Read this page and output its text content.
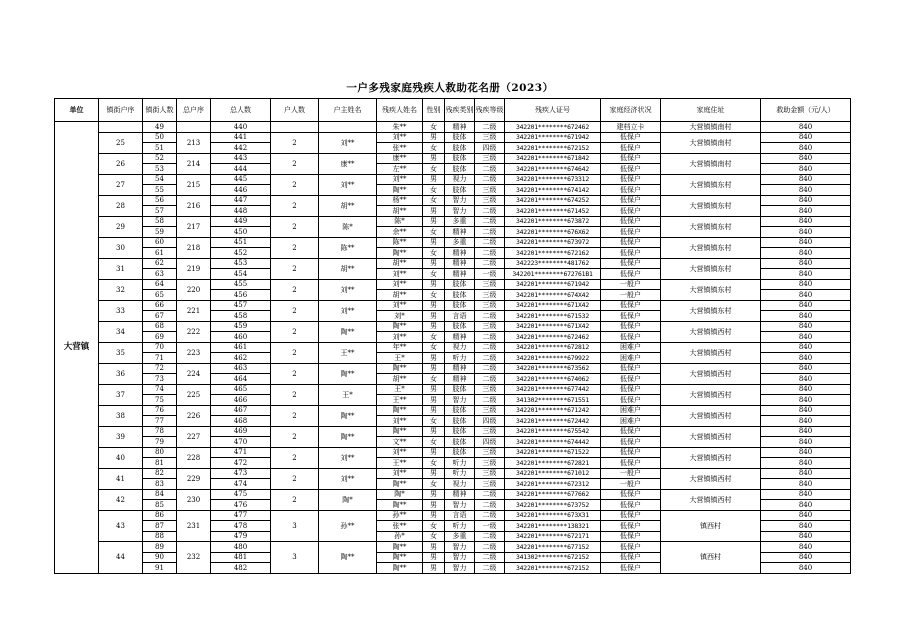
一户多残家庭残疾人救助花名册（2023）
单位	镇街户序	镇街人数	总户序	总人数	户人数	户主姓名	残疾人姓名	性别	残疾类别	残疾等级	残疾人证号	家庭经济状况	家庭住址	救助金额（元/人）
大营镇		49		440			朱**	女	精神	二级	342201********672462	建档立卡	大营镇镇南村	840
	25	50	213	441	2	刘**	刘**	男	肢体	三级	342201********671942	低保户	大营镇镇南村	840
		51		442			张**	女	肢体	四级	342201********672152	低保户		840
	26	52	214	443	2	康**	康**	男	肢体	三级	342201********671842	低保户	大营镇镇南村	840
		53		444			左**	女	肢体	二级	342201********674642	低保户		840
	27	54	215	445	2	刘**	刘**	男	视力	二级	342201********673312	低保户	大营镇镇东村	840
		55		446			陶**	女	肢体	三级	342201********674142	低保户		840
	28	56	216	447	2	胡**	杨**	女	智力	三级	342201********674252	低保户	大营镇镇东村	840
		57		448			胡**	男	智力	二级	342201********671452	低保户		840
	29	58	217	449	2	陈*	陈*	男	多重	二级	342201********673872	低保户	大营镇镇东村	840
		59		450			余**	女	精神	二级	342201********676X62	低保户		840
	30	60	218	451	2	陈**	陈**	男	多重	二级	342201********673972	低保户	大营镇镇东村	840
		61		452			陶**	女	精神	二级	342201********672162	低保户		840
	31	62	219	453	2	胡**	胡**	男	精神	二级	342223********481762	低保户	大营镇镇东村	840
		63		454			刘**	女	精神	一级	342201********672761B1	低保户		840
	32	64	220	455	2	刘**	刘**	男	肢体	三级	342201********671942	一般户	大营镇镇东村	840
		65		456			胡**	女	肢体	三级	342201********674X42	一般户		840
	33	66	221	457	2	刘**	刘**	男	肢体	三级	342201********671X42	低保户	大营镇镇东村	840
		67		458			刘*	男	言语	二级	342201********671532	低保户		840
	34	68	222	459	2	陶**	陶**	男	肢体	三级	342201********671X42	低保户	大营镇镇西村	840
		69		460			刘**	女	精神	二级	342201********672462	低保户		840
	35	70	223	461	2	王**	年**	女	视力	二级	342201********672812	困难户	大营镇镇西村	840
		71		462			王*	男	听力	二级	342201********679922	困难户		840
	36	72	224	463	2	陶**	陶**	男	精神	二级	342201********673562	低保户	大营镇镇西村	840
		73		464			胡**	女	精神	二级	342201********674062	低保户		840
	37	74	225	465	2	王*	王*	男	肢体	三级	342201********677442	低保户	大营镇镇西村	840
		75		466			王**	男	智力	二级	341302********671551	低保户		840
	38	76	226	467	2	陶**	陶**	男	肢体	三级	342201********671242	困难户	大营镇镇西村	840
		77		468			刘**	女	肢体	四级	342201********672442	困难户		840
	39	78	227	469	2	陶**	陶**	男	肢体	三级	342201********675542	低保户	大营镇镇西村	840
		79		470			文**	女	肢体	四级	342201********674442	低保户		840
	40	80	228	471	2	刘**	刘**	男	肢体	三级	342201********671522	低保户	大营镇镇西村	840
		81		472			王**	女	听力	三级	342201********672821	低保户		840
	41	82	229	473	2	刘**	刘**	男	听力	三级	342201********671012	一般户	大营镇镇西村	840
		83		474			陶**	女	视力	三级	342201********672312	一般户		840
	42	84	230	475	2	陶*	陶*	男	精神	二级	342201********677662	低保户	大营镇镇西村	840
		85		476			陶**	男	智力	二级	342201********673752	低保户		840
	43	86	231	477	3	孙**	孙**	男	言语	二级	342201********673X31	低保户	镇西村	840
		87		478			张**	女	听力	一级	342201********138321	低保户		840
		88		479			孙*	女	多重	二级	342201********672171	低保户		840
	44	89	232	480	3	陶**	陶**	男	智力	二级	342201********677152	低保户	镇西村	840
		90		481			陶**	男	智力	二级	341302********672152	低保户		840
		91		482			陶**	男	智力	二级	342201********672152	低保户		840
